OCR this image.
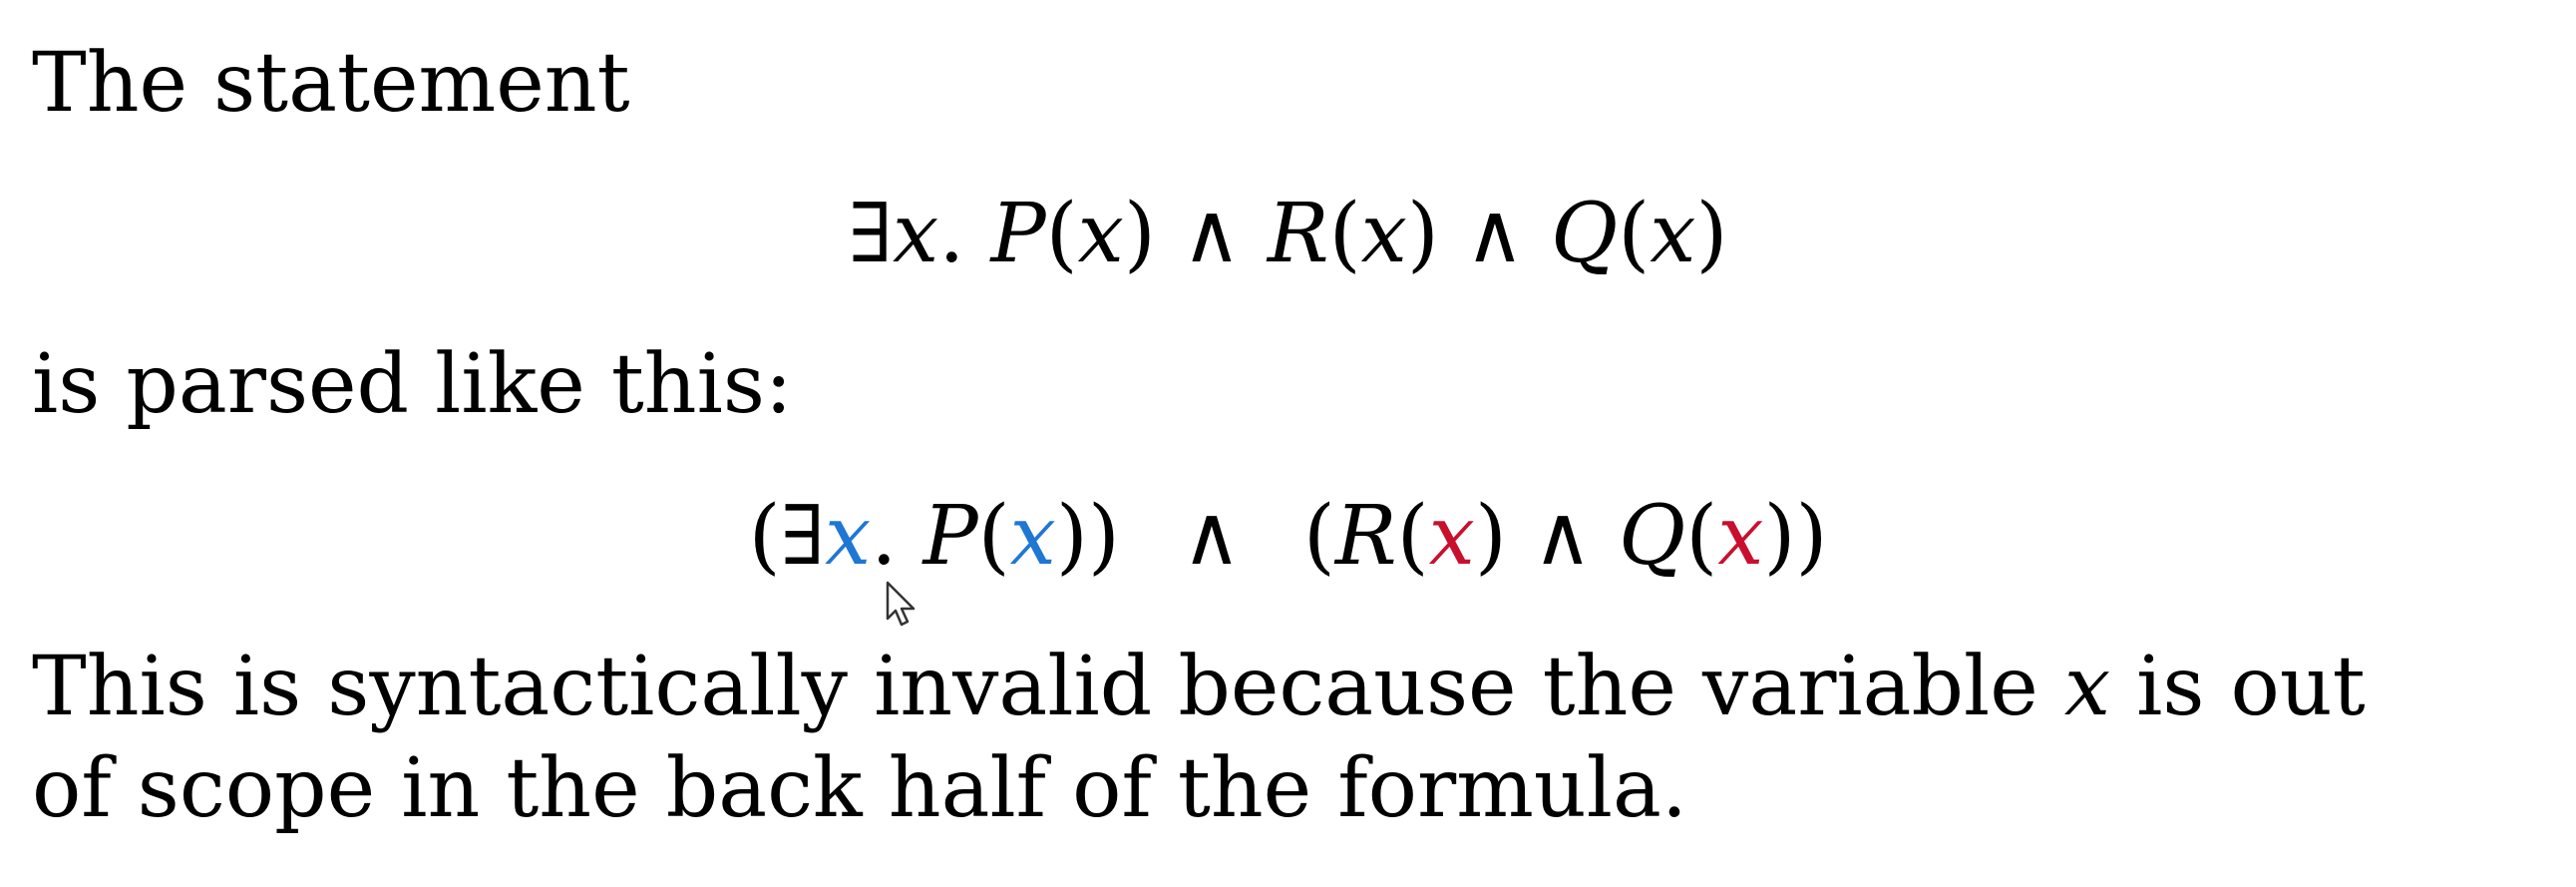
The statement

∃x. P(x) ∧ R(x) ∧ Q(x)

is parsed like this:

(∃x. P(x)) ∧ (R(x) ∧ Q(x))

This is syntactically invalid because the variable x is out
of scope in the back half of the formula.
